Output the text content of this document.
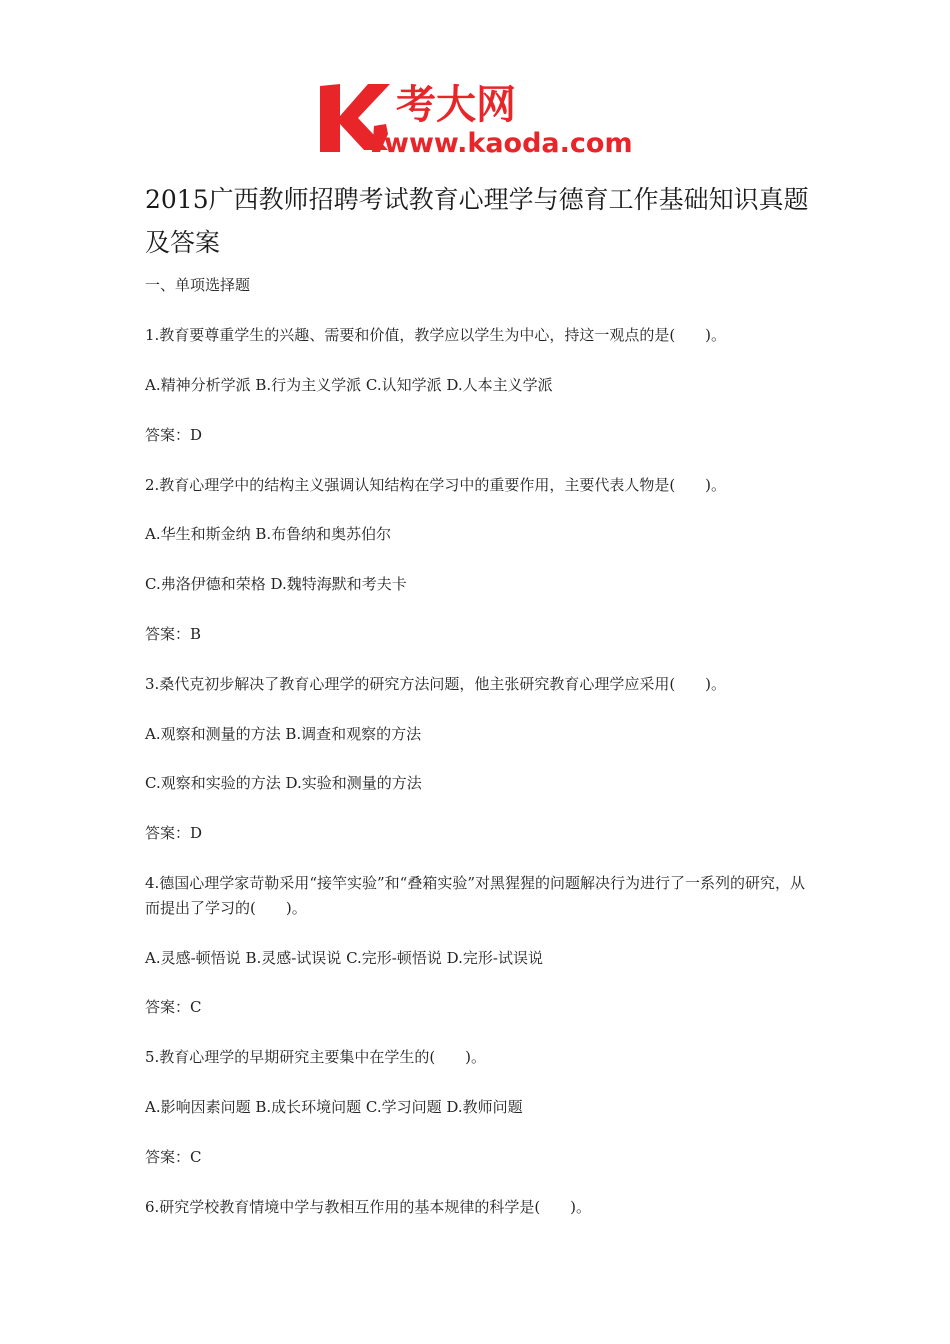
考大网
www.kaoda.com
2015广西教师招聘考试教育心理学与德育工作基础知识真题及答案
一、单项选择题
1.教育要尊重学生的兴趣、需要和价值，教学应以学生为中心，持这一观点的是(　　)。
A.精神分析学派 B.行为主义学派 C.认知学派 D.人本主义学派
答案：D
2.教育心理学中的结构主义强调认知结构在学习中的重要作用，主要代表人物是(　　)。
A.华生和斯金纳 B.布鲁纳和奥苏伯尔
C.弗洛伊德和荣格 D.魏特海默和考夫卡
答案：B
3.桑代克初步解决了教育心理学的研究方法问题，他主张研究教育心理学应采用(　　)。
A.观察和测量的方法 B.调查和观察的方法
C.观察和实验的方法 D.实验和测量的方法
答案：D
4.德国心理学家苛勒采用“接竿实验”和“叠箱实验”对黑猩猩的问题解决行为进行了一系列的研究，从而提出了学习的(　　)。
A.灵感-顿悟说 B.灵感-试误说 C.完形-顿悟说 D.完形-试误说
答案：C
5.教育心理学的早期研究主要集中在学生的(　　)。
A.影响因素问题 B.成长环境问题 C.学习问题 D.教师问题
答案：C
6.研究学校教育情境中学与教相互作用的基本规律的科学是(　　)。
